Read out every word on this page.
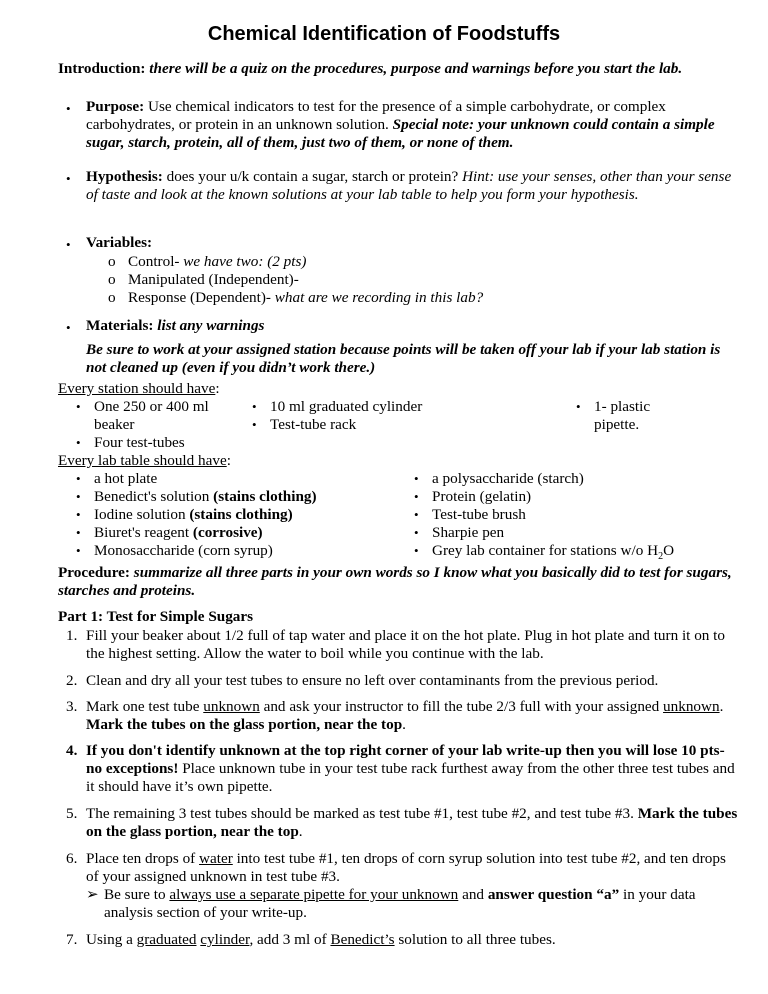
Chemical Identification of Foodstuffs
Introduction: there will be a quiz on the procedures, purpose and warnings before you start the lab.
• Purpose: Use chemical indicators to test for the presence of a simple carbohydrate, or complex carbohydrates, or protein in an unknown solution. Special note: your unknown could contain a simple sugar, starch, protein, all of them, just two of them, or none of them.
• Hypothesis: does your u/k contain a sugar, starch or protein? Hint: use your senses, other than your sense of taste and look at the known solutions at your lab table to help you form your hypothesis.
• Variables:
o Control- we have two: (2 pts)
o Manipulated (Independent)-
o Response (Dependent)- what are we recording in this lab?
• Materials: list any warnings
Be sure to work at your assigned station because points will be taken off your lab if your lab station is not cleaned up (even if you didn’t work there.)
Every station should have:
• One 250 or 400 ml beaker
• Four test-tubes
• 10 ml graduated cylinder
• Test-tube rack
• 1- plastic pipette.
Every lab table should have:
• a hot plate
• Benedict's solution (stains clothing)
• Iodine solution (stains clothing)
• Biuret's reagent (corrosive)
• Monosaccharide (corn syrup)
• a polysaccharide (starch)
• Protein (gelatin)
• Test-tube brush
• Sharpie pen
• Grey lab container for stations w/o $H_2O$
Procedure: summarize all three parts in your own words so I know what you basically did to test for sugars, starches and proteins.
Part 1: Test for Simple Sugars
1. Fill your beaker about 1/2 full of tap water and place it on the hot plate. Plug in hot plate and turn it on to the highest setting. Allow the water to boil while you continue with the lab.
2. Clean and dry all your test tubes to ensure no left over contaminants from the previous period.
3. Mark one test tube unknown and ask your instructor to fill the tube 2/3 full with your assigned unknown. Mark the tubes on the glass portion, near the top.
4. If you don't identify unknown at the top right corner of your lab write-up then you will lose 10 pts-no exceptions! Place unknown tube in your test tube rack furthest away from the other three test tubes and it should have it’s own pipette.
5. The remaining 3 test tubes should be marked as test tube #1, test tube #2, and test tube #3. Mark the tubes on the glass portion, near the top.
6. Place ten drops of water into test tube #1, ten drops of corn syrup solution into test tube #2, and ten drops of your assigned unknown in test tube #3.
➢ Be sure to always use a separate pipette for your unknown and answer question “a” in your data analysis section of your write-up.
7. Using a graduated cylinder, add 3 ml of Benedict’s solution to all three tubes.
